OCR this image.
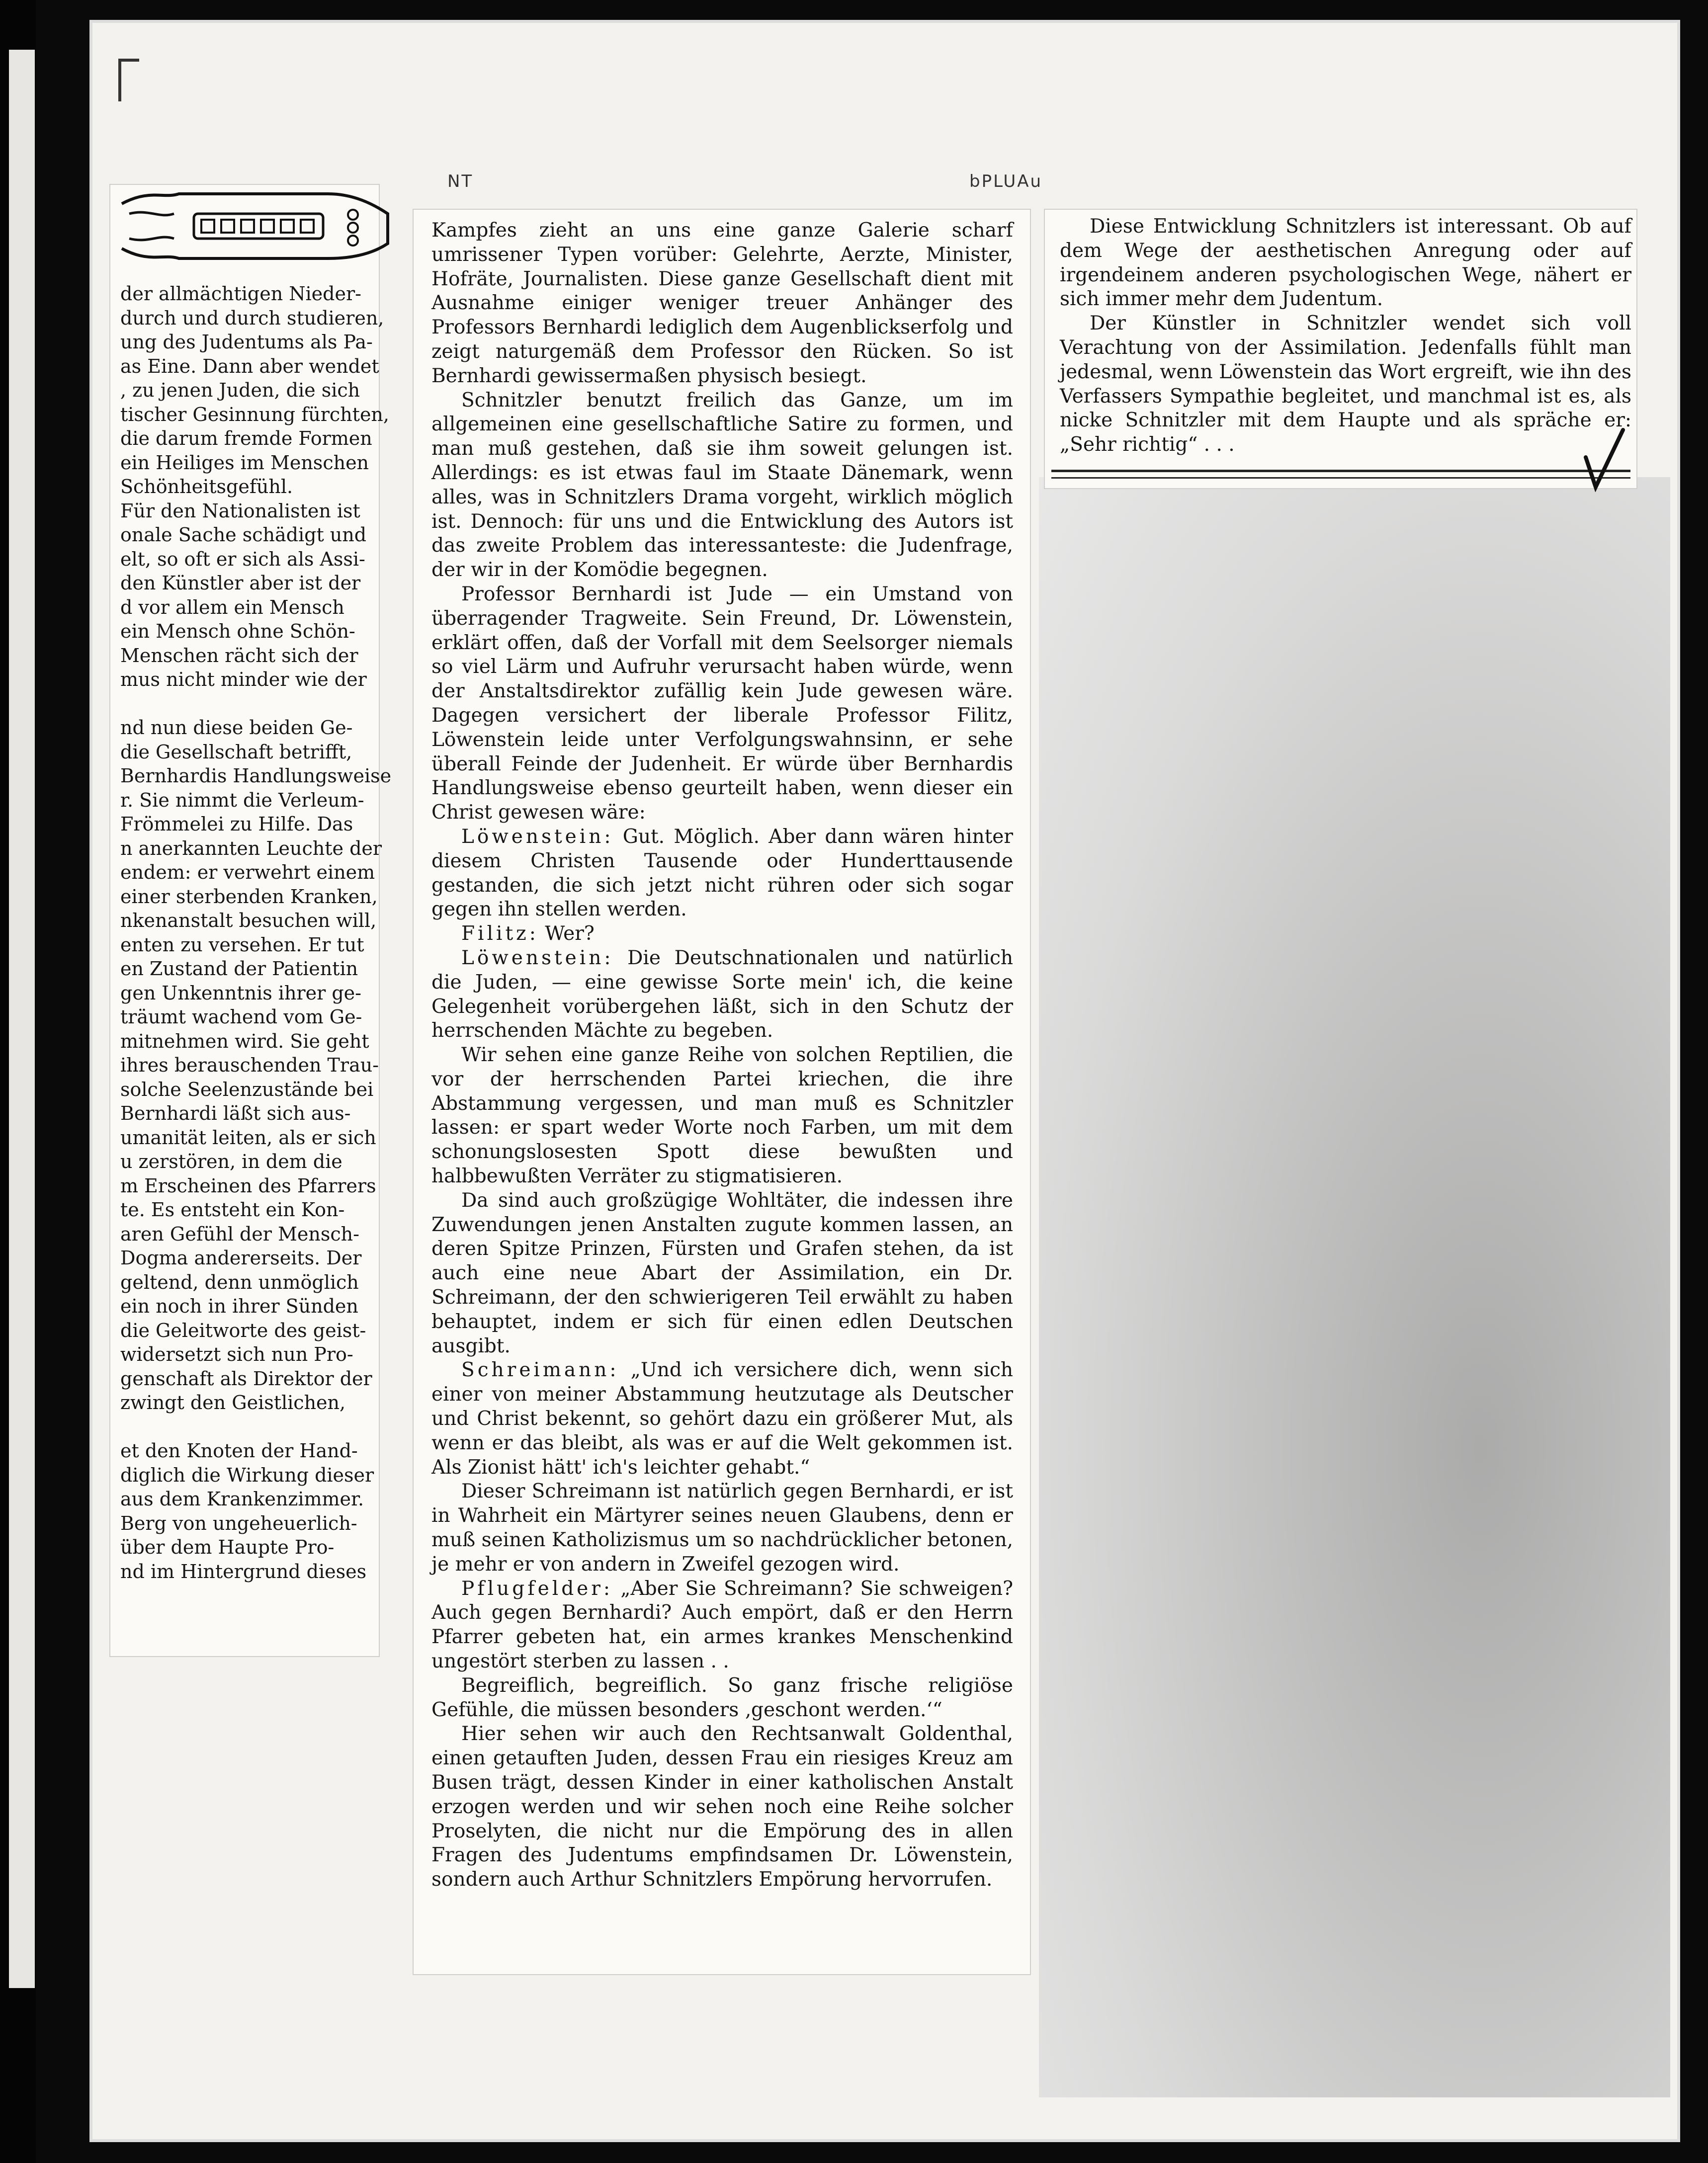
NT	bPLUAu

der allmächtigen Nieder-

durch und durch studieren,

ung des Judentums als Pa-

as Eine. Dann aber wendet

, zu jenen Juden, die sich

tischer Gesinnung fürchten,

die darum fremde Formen

ein Heiliges im Menschen

Schönheitsgefühl.

Für den Nationalisten ist

onale Sache schädigt und

elt, so oft er sich als Assi-

den Künstler aber ist der

d vor allem ein Mensch

ein Mensch ohne Schön-

Menschen rächt sich der

mus nicht minder wie der

nd nun diese beiden Ge-

die Gesellschaft betrifft,

Bernhardis Handlungsweise

r. Sie nimmt die Verleum-

Frömmelei zu Hilfe. Das

n anerkannten Leuchte der

endem: er verwehrt einem

einer sterbenden Kranken,

nkenanstalt besuchen will,

enten zu versehen. Er tut

en Zustand der Patientin

gen Unkenntnis ihrer ge-

träumt wachend vom Ge-

mitnehmen wird. Sie geht

ihres berauschenden Trau-

solche Seelenzustände bei

Bernhardi läßt sich aus-

umanität leiten, als er sich

u zerstören, in dem die

m Erscheinen des Pfarrers

te. Es entsteht ein Kon-

aren Gefühl der Mensch-

Dogma andererseits. Der

geltend, denn unmöglich

ein noch in ihrer Sünden

die Geleitworte des geist-

widersetzt sich nun Pro-

genschaft als Direktor der

zwingt den Geistlichen,

et den Knoten der Hand-

diglich die Wirkung dieser

aus dem Krankenzimmer.

Berg von ungeheuerlich-

über dem Haupte Pro-

nd im Hintergrund dieses

Kampfes zieht an uns eine ganze Galerie scharf umrissener Typen vorüber: Gelehrte, Aerzte, Minister, Hofräte, Journalisten. Diese ganze Gesellschaft dient mit Ausnahme einiger weniger treuer Anhänger des Professors Bernhardi lediglich dem Augenblickserfolg und zeigt naturgemäß dem Professor den Rücken. So ist Bernhardi gewissermaßen physisch besiegt.

Schnitzler benutzt freilich das Ganze, um im allgemeinen eine gesellschaftliche Satire zu formen, und man muß gestehen, daß sie ihm soweit gelungen ist. Allerdings: es ist etwas faul im Staate Dänemark, wenn alles, was in Schnitzlers Drama vorgeht, wirklich möglich ist. Dennoch: für uns und die Entwicklung des Autors ist das zweite Problem das interessanteste: die Judenfrage, der wir in der Komödie begegnen.

Professor Bernhardi ist Jude — ein Umstand von überragender Tragweite. Sein Freund, Dr. Löwenstein, erklärt offen, daß der Vorfall mit dem Seelsorger niemals so viel Lärm und Aufruhr verursacht haben würde, wenn der Anstaltsdirektor zufällig kein Jude gewesen wäre. Dagegen versichert der liberale Professor Filitz, Löwenstein leide unter Verfolgungswahnsinn, er sehe überall Feinde der Judenheit. Er würde über Bernhardis Handlungsweise ebenso geurteilt haben, wenn dieser ein Christ gewesen wäre:

Löwenstein: Gut. Möglich. Aber dann wären hinter diesem Christen Tausende oder Hunderttausende gestanden, die sich jetzt nicht rühren oder sich sogar gegen ihn stellen werden.

Filitz: Wer?

Löwenstein: Die Deutschnationalen und natürlich die Juden, — eine gewisse Sorte mein' ich, die keine Gelegenheit vorübergehen läßt, sich in den Schutz der herrschenden Mächte zu begeben.

Wir sehen eine ganze Reihe von solchen Reptilien, die vor der herrschenden Partei kriechen, die ihre Abstammung vergessen, und man muß es Schnitzler lassen: er spart weder Worte noch Farben, um mit dem schonungslosesten Spott diese bewußten und halbbewußten Verräter zu stigmatisieren.

Da sind auch großzügige Wohltäter, die indessen ihre Zuwendungen jenen Anstalten zugute kommen lassen, an deren Spitze Prinzen, Fürsten und Grafen stehen, da ist auch eine neue Abart der Assimilation, ein Dr. Schreimann, der den schwierigeren Teil erwählt zu haben behauptet, indem er sich für einen edlen Deutschen ausgibt.

Schreimann: „Und ich versichere dich, wenn sich einer von meiner Abstammung heutzutage als Deutscher und Christ bekennt, so gehört dazu ein größerer Mut, als wenn er das bleibt, als was er auf die Welt gekommen ist. Als Zionist hätt' ich's leichter gehabt.“

Dieser Schreimann ist natürlich gegen Bernhardi, er ist in Wahrheit ein Märtyrer seines neuen Glaubens, denn er muß seinen Katholizismus um so nachdrücklicher betonen, je mehr er von andern in Zweifel gezogen wird.

Pflugfelder: „Aber Sie Schreimann? Sie schweigen? Auch gegen Bernhardi? Auch empört, daß er den Herrn Pfarrer gebeten hat, ein armes krankes Menschenkind ungestört sterben zu lassen . .

Begreiflich, begreiflich. So ganz frische religiöse Gefühle, die müssen besonders ‚geschont werden.‘“

Hier sehen wir auch den Rechtsanwalt Goldenthal, einen getauften Juden, dessen Frau ein riesiges Kreuz am Busen trägt, dessen Kinder in einer katholischen Anstalt erzogen werden und wir sehen noch eine Reihe solcher Proselyten, die nicht nur die Empörung des in allen Fragen des Judentums empfindsamen Dr. Löwenstein, sondern auch Arthur Schnitzlers Empörung hervorrufen.

Diese Entwicklung Schnitzlers ist interessant. Ob auf dem Wege der aesthetischen Anregung oder auf irgendeinem anderen psychologischen Wege, nähert er sich immer mehr dem Judentum.

Der Künstler in Schnitzler wendet sich voll Verachtung von der Assimilation. Jedenfalls fühlt man jedesmal, wenn Löwenstein das Wort ergreift, wie ihn des Verfassers Sympathie begleitet, und manchmal ist es, als nicke Schnitzler mit dem Haupte und als spräche er: „Sehr richtig“ . . .
